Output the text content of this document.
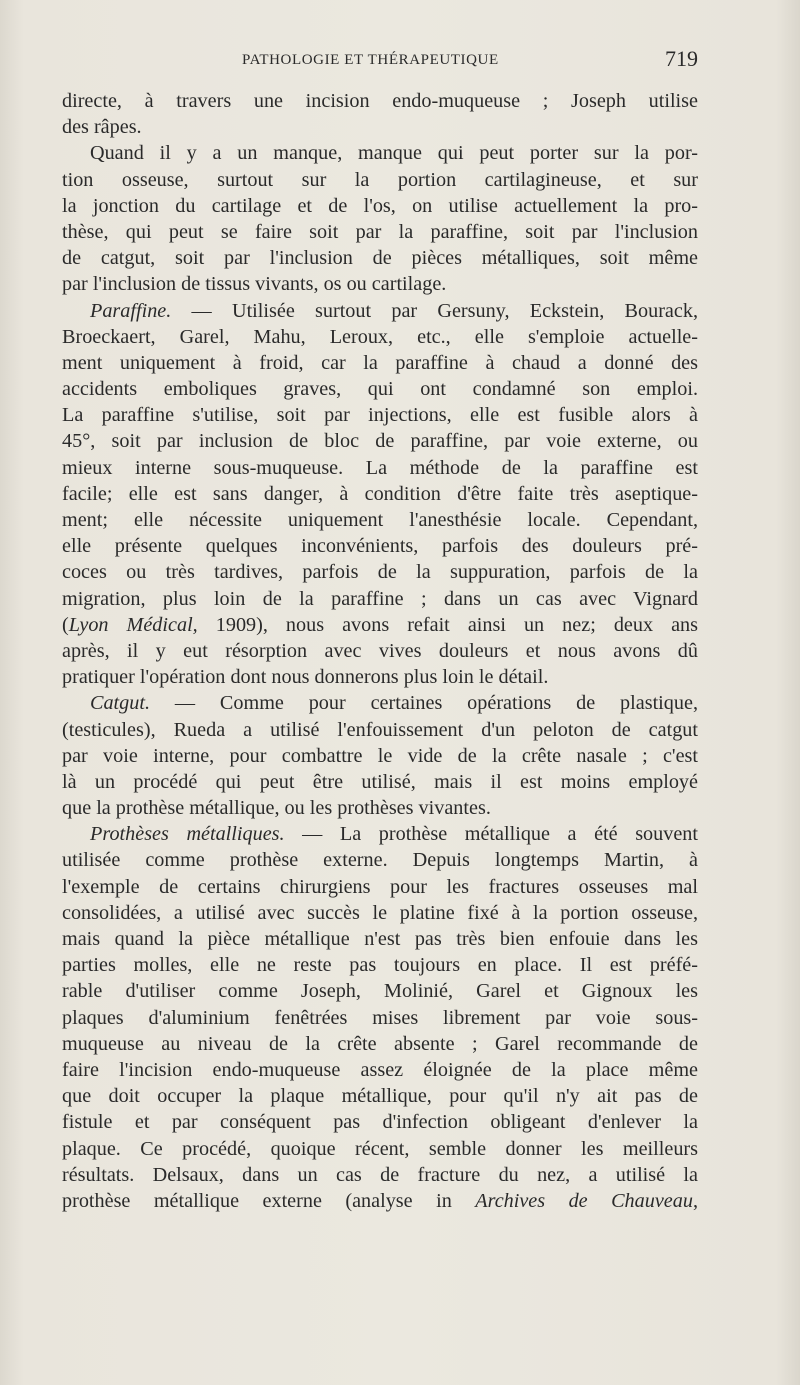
PATHOLOGIE ET THÉRAPEUTIQUE	719
directe, à travers une incision endo-muqueuse ; Joseph utilise
des râpes.
Quand il y a un manque, manque qui peut porter sur la por-
tion osseuse, surtout sur la portion cartilagineuse, et sur
la jonction du cartilage et de l'os, on utilise actuellement la pro-
thèse, qui peut se faire soit par la paraffine, soit par l'inclusion
de catgut, soit par l'inclusion de pièces métalliques, soit même
par l'inclusion de tissus vivants, os ou cartilage.
Paraffine. — Utilisée surtout par Gersuny, Eckstein, Bourack,
Broeckaert, Garel, Mahu, Leroux, etc., elle s'emploie actuelle-
ment uniquement à froid, car la paraffine à chaud a donné des
accidents emboliques graves, qui ont condamné son emploi.
La paraffine s'utilise, soit par injections, elle est fusible alors à
45°, soit par inclusion de bloc de paraffine, par voie externe, ou
mieux interne sous-muqueuse. La méthode de la paraffine est
facile; elle est sans danger, à condition d'être faite très aseptique-
ment; elle nécessite uniquement l'anesthésie locale. Cependant,
elle présente quelques inconvénients, parfois des douleurs pré-
coces ou très tardives, parfois de la suppuration, parfois de la
migration, plus loin de la paraffine ; dans un cas avec Vignard
(Lyon Médical, 1909), nous avons refait ainsi un nez; deux ans
après, il y eut résorption avec vives douleurs et nous avons dû
pratiquer l'opération dont nous donnerons plus loin le détail.
Catgut. — Comme pour certaines opérations de plastique,
(testicules), Rueda a utilisé l'enfouissement d'un peloton de catgut
par voie interne, pour combattre le vide de la crête nasale ; c'est
là un procédé qui peut être utilisé, mais il est moins employé
que la prothèse métallique, ou les prothèses vivantes.
Prothèses métalliques. — La prothèse métallique a été souvent
utilisée comme prothèse externe. Depuis longtemps Martin, à
l'exemple de certains chirurgiens pour les fractures osseuses mal
consolidées, a utilisé avec succès le platine fixé à la portion osseuse,
mais quand la pièce métallique n'est pas très bien enfouie dans les
parties molles, elle ne reste pas toujours en place. Il est préfé-
rable d'utiliser comme Joseph, Molinié, Garel et Gignoux les
plaques d'aluminium fenêtrées mises librement par voie sous-
muqueuse au niveau de la crête absente ; Garel recommande de
faire l'incision endo-muqueuse assez éloignée de la place même
que doit occuper la plaque métallique, pour qu'il n'y ait pas de
fistule et par conséquent pas d'infection obligeant d'enlever la
plaque. Ce procédé, quoique récent, semble donner les meilleurs
résultats. Delsaux, dans un cas de fracture du nez, a utilisé la
prothèse métallique externe (analyse in Archives de Chauveau,
